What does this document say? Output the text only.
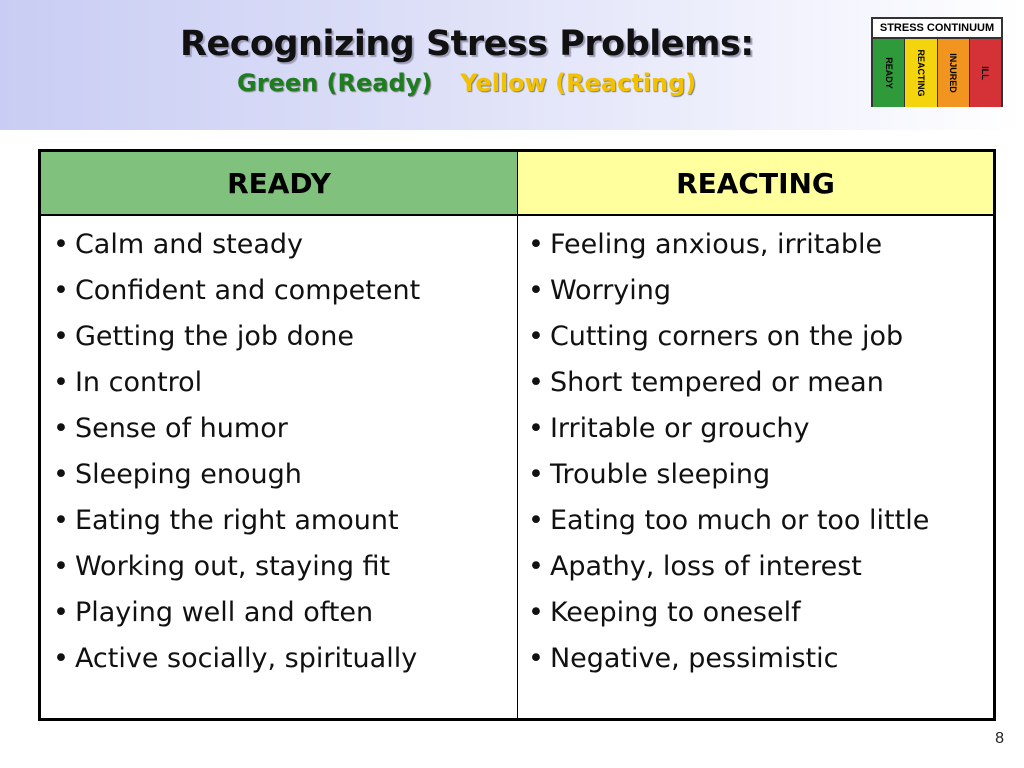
Recognizing Stress Problems:
Green (Ready) Yellow (Reacting)
STRESS CONTINUUM
READY REACTING INJURED ILL
READY	REACTING
• Calm and steady
• Confident and competent
• Getting the job done
• In control
• Sense of humor
• Sleeping enough
• Eating the right amount
• Working out, staying fit
• Playing well and often
• Active socially, spiritually
• Feeling anxious, irritable
• Worrying
• Cutting corners on the job
• Short tempered or mean
• Irritable or grouchy
• Trouble sleeping
• Eating too much or too little
• Apathy, loss of interest
• Keeping to oneself
• Negative, pessimistic
8
